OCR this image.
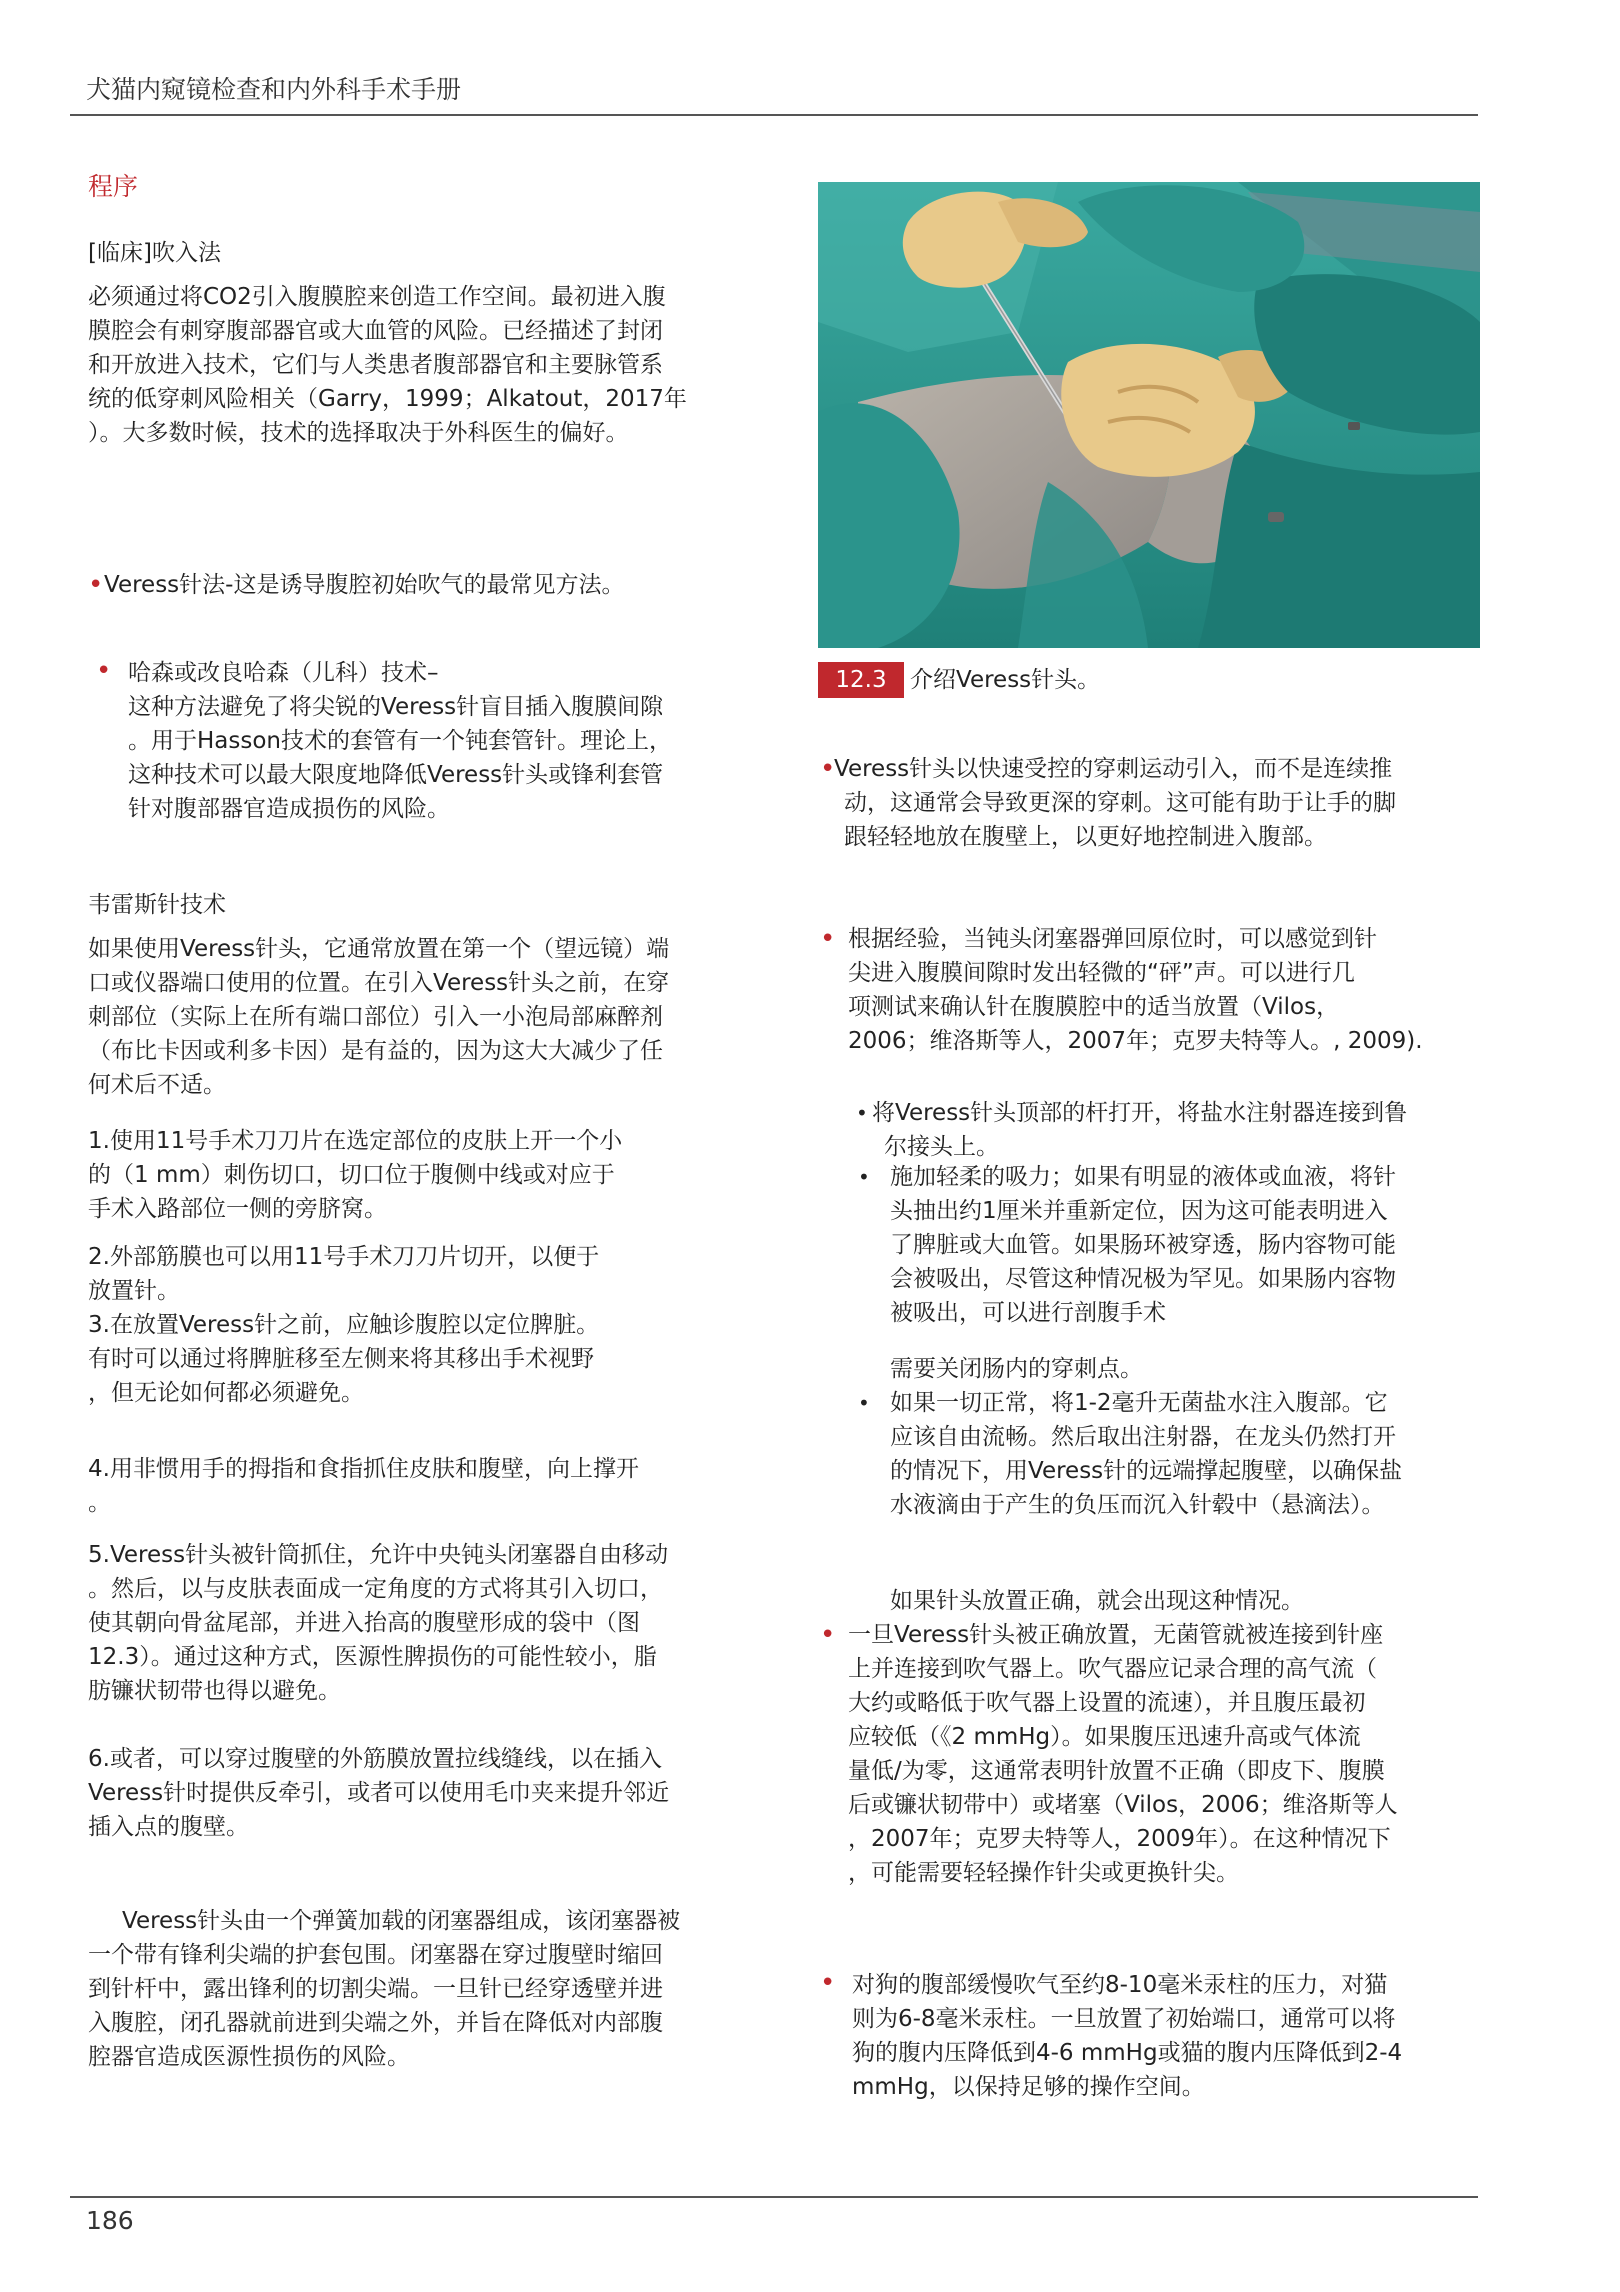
犬猫内窥镜检查和内外科手术手册
程序
[临床]吹入法

必须通过将CO2引入腹膜腔来创造工作空间。最初进入腹

膜腔会有刺穿腹部器官或大血管的风险。已经描述了封闭

和开放进入技术，它们与人类患者腹部器官和主要脉管系

统的低穿刺风险相关（Garry，1999；Alkatout，2017年

）。大多数时候，技术的选择取决于外科医生的偏好。

• Veress针法-这是诱导腹腔初始吹气的最常见方法。
• 哈森或改良哈森（儿科）技术–

这种方法避免了将尖锐的Veress针盲目插入腹膜间隙

。用于Hasson技术的套管有一个钝套管针。理论上，

这种技术可以最大限度地降低Veress针头或锋利套管

针对腹部器官造成损伤的风险。

韦雷斯针技术

如果使用Veress针头，它通常放置在第一个（望远镜）端

口或仪器端口使用的位置。在引入Veress针头之前，在穿

刺部位（实际上在所有端口部位）引入一小泡局部麻醉剂

（布比卡因或利多卡因）是有益的，因为这大大减少了任

何术后不适。

1.使用11号手术刀刀片在选定部位的皮肤上开一个小

的（1 mm）刺伤切口，切口位于腹侧中线或对应于

手术入路部位一侧的旁脐窝。

2.外部筋膜也可以用11号手术刀刀片切开，以便于

放置针。

3.在放置Veress针之前，应触诊腹腔以定位脾脏。

有时可以通过将脾脏移至左侧来将其移出手术视野

，但无论如何都必须避免。

4.用非惯用手的拇指和食指抓住皮肤和腹壁，向上撑开

。

5.Veress针头被针筒抓住，允许中央钝头闭塞器自由移动

。然后，以与皮肤表面成一定角度的方式将其引入切口，

使其朝向骨盆尾部，并进入抬高的腹壁形成的袋中（图

12.3）。通过这种方式，医源性脾损伤的可能性较小，脂

肪镰状韧带也得以避免。

6.或者，可以穿过腹壁的外筋膜放置拉线缝线，以在插入

Veress针时提供反牵引，或者可以使用毛巾夹来提升邻近

插入点的腹壁。

Veress针头由一个弹簧加载的闭塞器组成，该闭塞器被

一个带有锋利尖端的护套包围。闭塞器在穿过腹壁时缩回

到针杆中，露出锋利的切割尖端。一旦针已经穿透壁并进

入腹腔，闭孔器就前进到尖端之外，并旨在降低对内部腹

腔器官造成医源性损伤的风险。

12.3	介绍Veress针头。
•

Veress针头以快速受控的穿刺运动引入，而不是连续推

动，这通常会导致更深的穿刺。这可能有助于让手的脚

跟轻轻地放在腹壁上，以更好地控制进入腹部。

• 根据经验，当钝头闭塞器弹回原位时，可以感觉到针

尖进入腹膜间隙时发出轻微的“砰”声。可以进行几

项测试来确认针在腹膜腔中的适当放置（Vilos，

2006；维洛斯等人，2007年；克罗夫特等人。, 2009).

• 将Veress针头顶部的杆打开，将盐水注射器连接到鲁

尔接头上。

• 施加轻柔的吸力；如果有明显的液体或血液，将针

头抽出约1厘米并重新定位，因为这可能表明进入

了脾脏或大血管。如果肠环被穿透，肠内容物可能

会被吸出，尽管这种情况极为罕见。如果肠内容物

被吸出，可以进行剖腹手术

需要关闭肠内的穿刺点。
• 如果一切正常，将1-2毫升无菌盐水注入腹部。它

应该自由流畅。然后取出注射器，在龙头仍然打开

的情况下，用Veress针的远端撑起腹壁，以确保盐

水液滴由于产生的负压而沉入针毂中（悬滴法）。

如果针头放置正确，就会出现这种情况。
• 一旦Veress针头被正确放置，无菌管就被连接到针座

上并连接到吹气器上。吹气器应记录合理的高气流（

大约或略低于吹气器上设置的流速），并且腹压最初

应较低（《2 mmHg）。如果腹压迅速升高或气体流

量低/为零，这通常表明针放置不正确（即皮下、腹膜

后或镰状韧带中）或堵塞（Vilos，2006；维洛斯等人

，2007年；克罗夫特等人，2009年）。在这种情况下

，可能需要轻轻操作针尖或更换针尖。

• 对狗的腹部缓慢吹气至约8-10毫米汞柱的压力，对猫

则为6-8毫米汞柱。一旦放置了初始端口，通常可以将

狗的腹内压降低到4-6 mmHg或猫的腹内压降低到2-4

mmHg，以保持足够的操作空间。

186
